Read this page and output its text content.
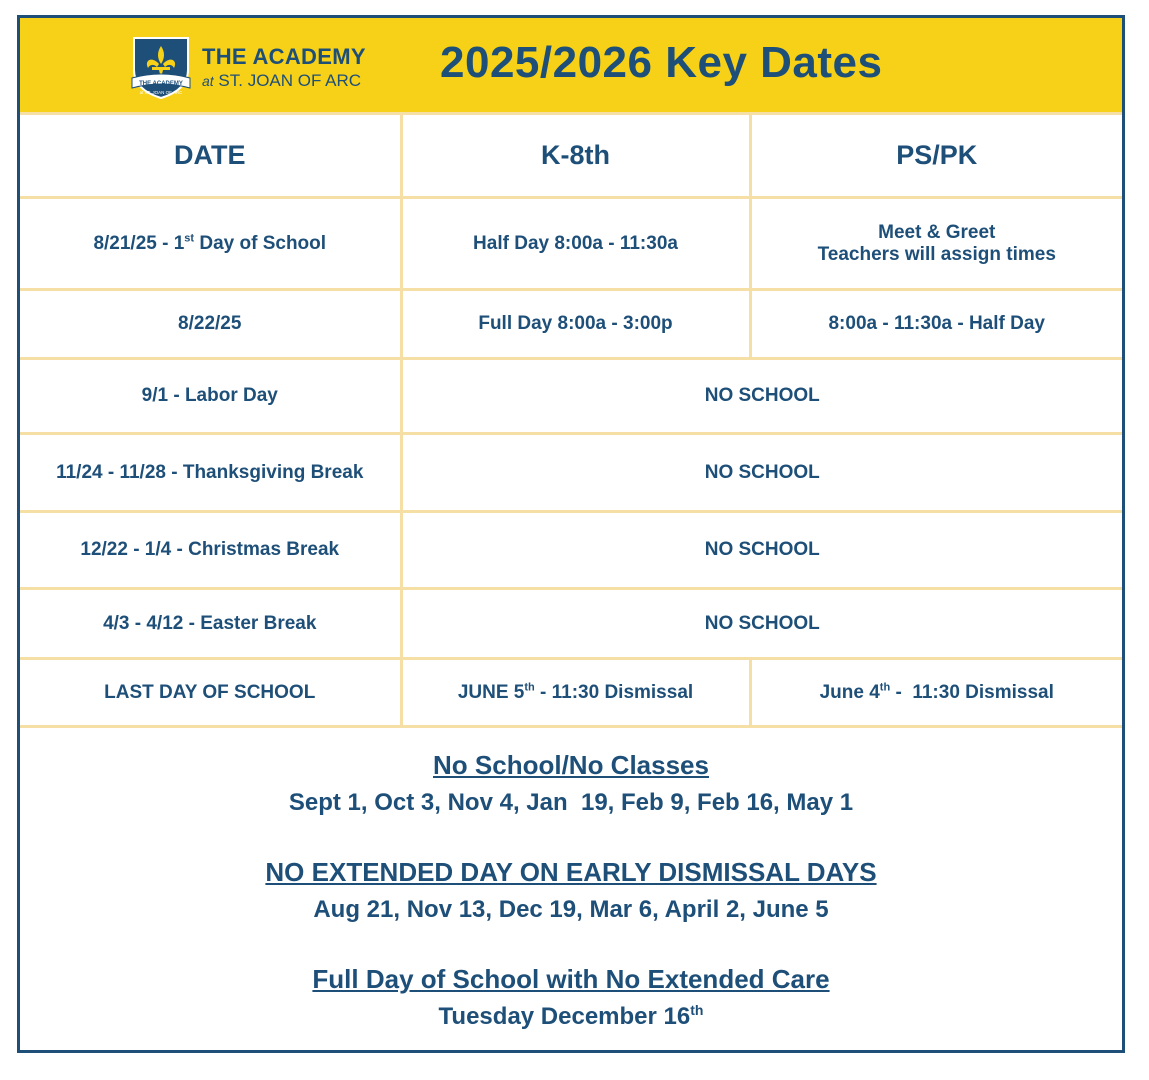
THE ACADEMY
at ST. JOAN OF ARC
THE ACADEMY
at ST. JOAN OF ARC 2025/2026 Key Dates
DATE	K-8th	PS/PK
8/21/25 - 1st Day of School	Half Day 8:00a - 11:30a	Meet & Greet
Teachers will assign times
8/22/25	Full Day 8:00a - 3:00p	8:00a - 11:30a - Half Day
9/1 - Labor Day	NO SCHOOL	
11/24 - 11/28 - Thanksgiving Break	NO SCHOOL	
12/22 - 1/4 - Christmas Break	NO SCHOOL	
4/3 - 4/12 - Easter Break	NO SCHOOL	
LAST DAY OF SCHOOL	JUNE 5th - 11:30 Dismissal	June 4th -  11:30 Dismissal
No School/No Classes
Sept 1, Oct 3, Nov 4, Jan  19, Feb 9, Feb 16, May 1
NO EXTENDED DAY ON EARLY DISMISSAL DAYS
Aug 21, Nov 13, Dec 19, Mar 6, April 2, June 5
Full Day of School with No Extended Care
Tuesday December 16th
